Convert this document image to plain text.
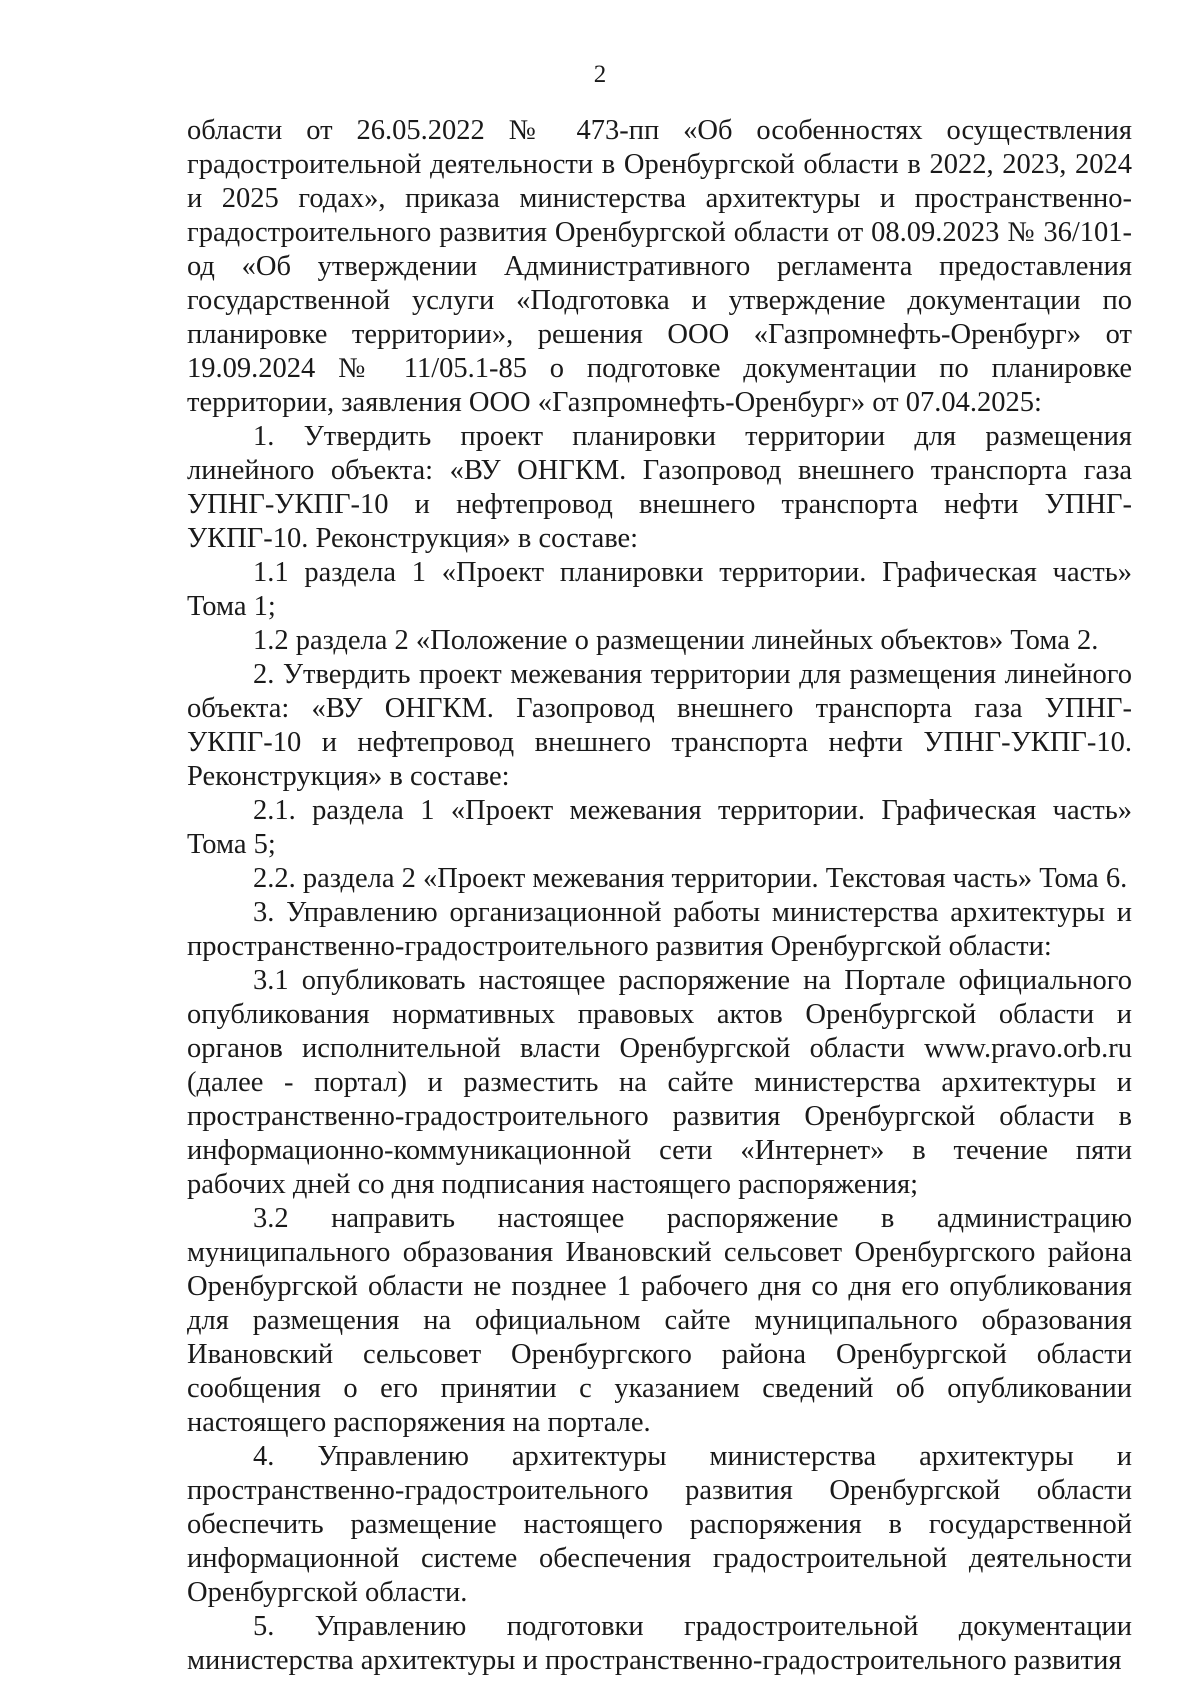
2

области от 26.05.2022 № 473-пп «Об особенностях осуществления градостроительной деятельности в Оренбургской области в 2022, 2023, 2024 и 2025 годах», приказа министерства архитектуры и пространственно-градостроительного развития Оренбургской области от 08.09.2023 № 36/101-од «Об утверждении Административного регламента предоставления государственной услуги «Подготовка и утверждение документации по планировке территории», решения ООО «Газпромнефть-Оренбург» от 19.09.2024 № 11/05.1-85 о подготовке документации по планировке территории, заявления ООО «Газпромнефть-Оренбург» от 07.04.2025:

1. Утвердить проект планировки территории для размещения линейного объекта: «ВУ ОНГКМ. Газопровод внешнего транспорта газа УПНГ-УКПГ-10 и нефтепровод внешнего транспорта нефти УПНГ-УКПГ-10. Реконструкция» в составе:

1.1 раздела 1 «Проект планировки территории. Графическая часть» Тома 1;

1.2 раздела 2 «Положение о размещении линейных объектов» Тома 2.

2. Утвердить проект межевания территории для размещения линейного объекта: «ВУ ОНГКМ. Газопровод внешнего транспорта газа УПНГ-УКПГ-10 и нефтепровод внешнего транспорта нефти УПНГ-УКПГ-10. Реконструкция» в составе:

2.1. раздела 1 «Проект межевания территории. Графическая часть» Тома 5;

2.2. раздела 2 «Проект межевания территории. Текстовая часть» Тома 6.

3. Управлению организационной работы министерства архитектуры и пространственно-градостроительного развития Оренбургской области:

3.1 опубликовать настоящее распоряжение на Портале официального опубликования нормативных правовых актов Оренбургской области и органов исполнительной власти Оренбургской области www.pravo.orb.ru (далее - портал) и разместить на сайте министерства архитектуры и пространственно-градостроительного развития Оренбургской области в информационно-коммуникационной сети «Интернет» в течение пяти рабочих дней со дня подписания настоящего распоряжения;

3.2 направить настоящее распоряжение в администрацию муниципального образования Ивановский сельсовет Оренбургского района Оренбургской области не позднее 1 рабочего дня со дня его опубликования для размещения на официальном сайте муниципального образования Ивановский сельсовет Оренбургского района Оренбургской области сообщения о его принятии с указанием сведений об опубликовании настоящего распоряжения на портале.

4. Управлению архитектуры министерства архитектуры и пространственно-градостроительного развития Оренбургской области обеспечить размещение настоящего распоряжения в государственной информационной системе обеспечения градостроительной деятельности Оренбургской области.

5. Управлению подготовки градостроительной документации министерства архитектуры и пространственно-градостроительного развития
